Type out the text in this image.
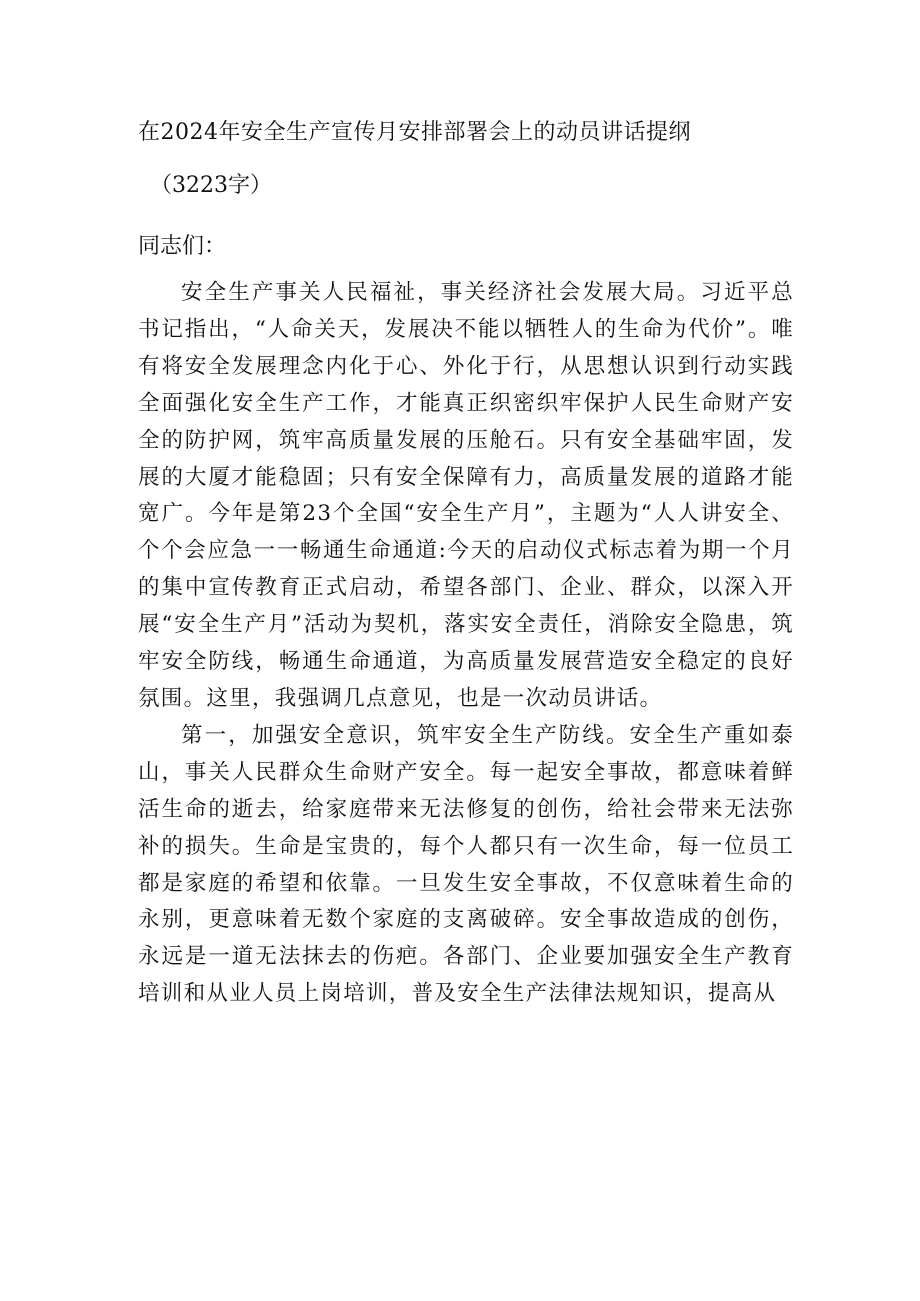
在2024年安全生产宣传月安排部署会上的动员讲话提纲
（3223字）
同志们：

安全生产事关人民福祉，事关经济社会发展大局。习近平总书记指出，“人命关天，发展决不能以牺牲人的生命为代价”。唯有将安全发展理念内化于心、外化于行，从思想认识到行动实践全面强化安全生产工作，才能真正织密织牢保护人民生命财产安全的防护网，筑牢高质量发展的压舱石。只有安全基础牢固，发展的大厦才能稳固；只有安全保障有力，高质量发展的道路才能宽广。今年是第23个全国“安全生产月”，主题为“人人讲安全、个个会应急一一畅通生命通道:今天的启动仪式标志着为期一个月的集中宣传教育正式启动，希望各部门、企业、群众，以深入开展“安全生产月”活动为契机，落实安全责任，消除安全隐患，筑牢安全防线，畅通生命通道，为高质量发展营造安全稳定的良好氛围。这里，我强调几点意见，也是一次动员讲话。

第一，加强安全意识，筑牢安全生产防线。安全生产重如泰山，事关人民群众生命财产安全。每一起安全事故，都意味着鲜活生命的逝去，给家庭带来无法修复的创伤，给社会带来无法弥补的损失。生命是宝贵的，每个人都只有一次生命，每一位员工都是家庭的希望和依靠。一旦发生安全事故，不仅意味着生命的永别，更意味着无数个家庭的支离破碎。安全事故造成的创伤，永远是一道无法抹去的伤疤。各部门、企业要加强安全生产教育培训和从业人员上岗培训，普及安全生产法律法规知识，提高从
